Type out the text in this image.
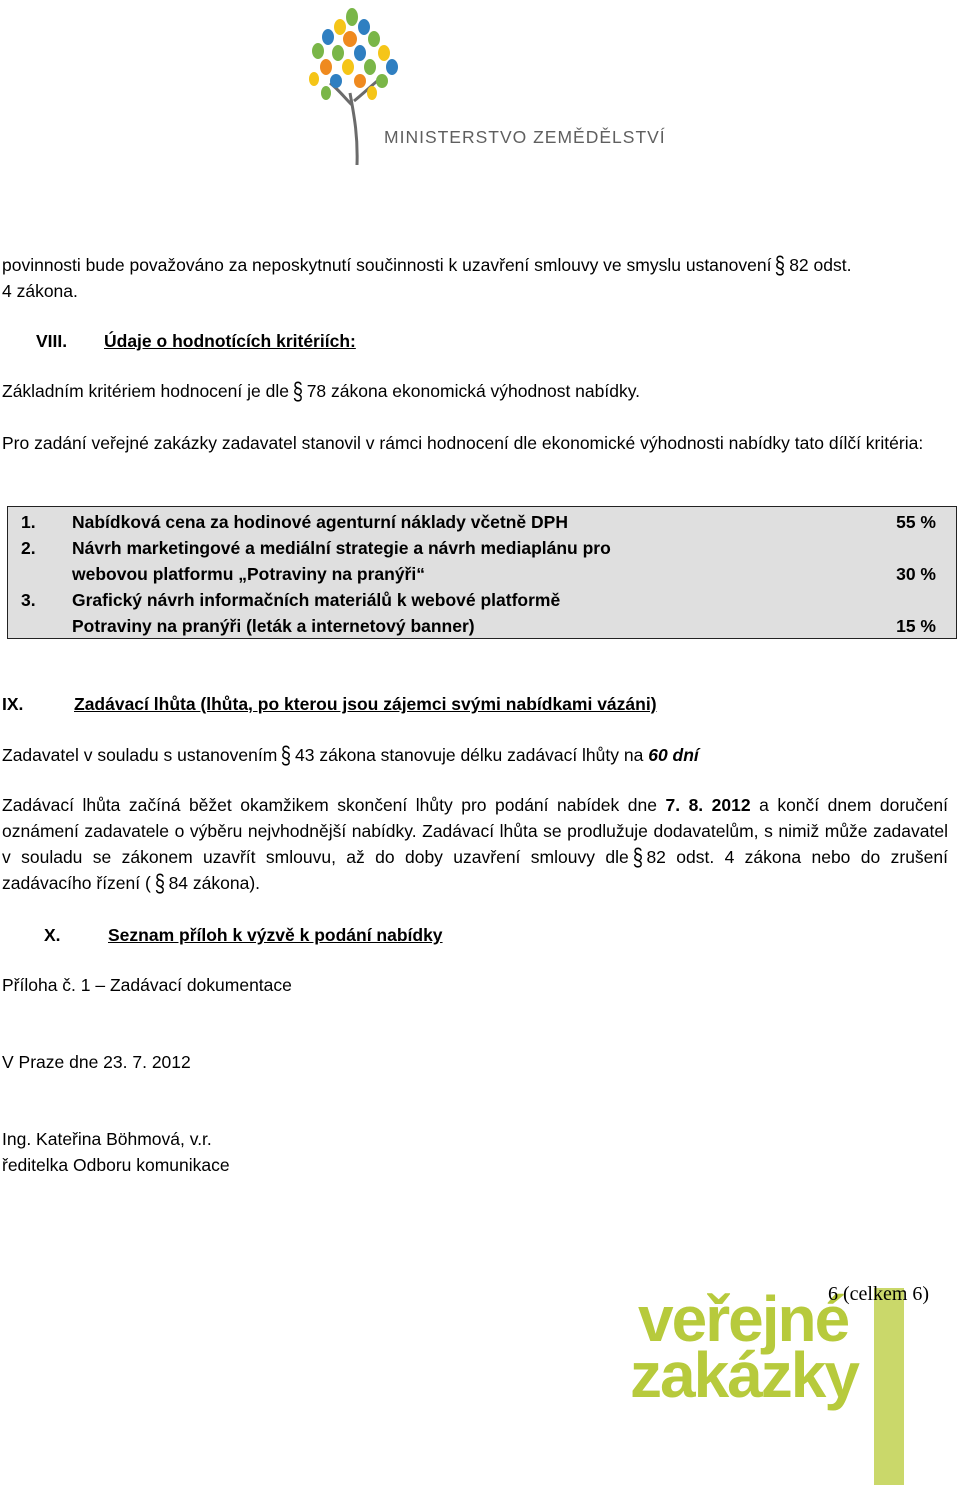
MINISTERSTVO ZEMĚDĚLSTVÍ
povinnosti bude považováno za neposkytnutí součinnosti k uzavření smlouvy ve smyslu ustanovení § 82 odst.
4 zákona.
VIII. Údaje o hodnotících kritériích:
Základním kritériem hodnocení je dle § 78 zákona ekonomická výhodnost nabídky.
Pro zadání veřejné zakázky zadavatel stanovil v rámci hodnocení dle ekonomické výhodnosti nabídky tato dílčí kritéria:
1. Nabídková cena za hodinové agenturní náklady včetně DPH	55 %
2. Návrh marketingové a mediální strategie a návrh mediaplánu pro
webovou platformu „Potraviny na pranýři“	30 %
3. Grafický návrh informačních materiálů k webové platformě
Potraviny na pranýři (leták a internetový banner)	15 %
IX.	Zadávací lhůta (lhůta, po kterou jsou zájemci svými nabídkami vázáni)
Zadavatel v souladu s ustanovením § 43 zákona stanovuje délku zadávací lhůty na 60 dní
Zadávací lhůta začíná běžet okamžikem skončení lhůty pro podání nabídek dne 7. 8. 2012 a končí dnem doručení oznámení zadavatele o výběru nejvhodnější nabídky. Zadávací lhůta se prodlužuje dodavatelům, s nimiž může zadavatel v souladu se zákonem uzavřít smlouvu, až do doby uzavření smlouvy dle § 82 odst. 4 zákona nebo do zrušení zadávacího řízení ( § 84 zákona).
X.	Seznam příloh k výzvě k podání nabídky
Příloha č. 1 – Zadávací dokumentace
V Praze dne 23. 7. 2012
Ing. Kateřina Böhmová, v.r.
ředitelka Odboru komunikace
veřejné
zakázky
6 (celkem 6)
